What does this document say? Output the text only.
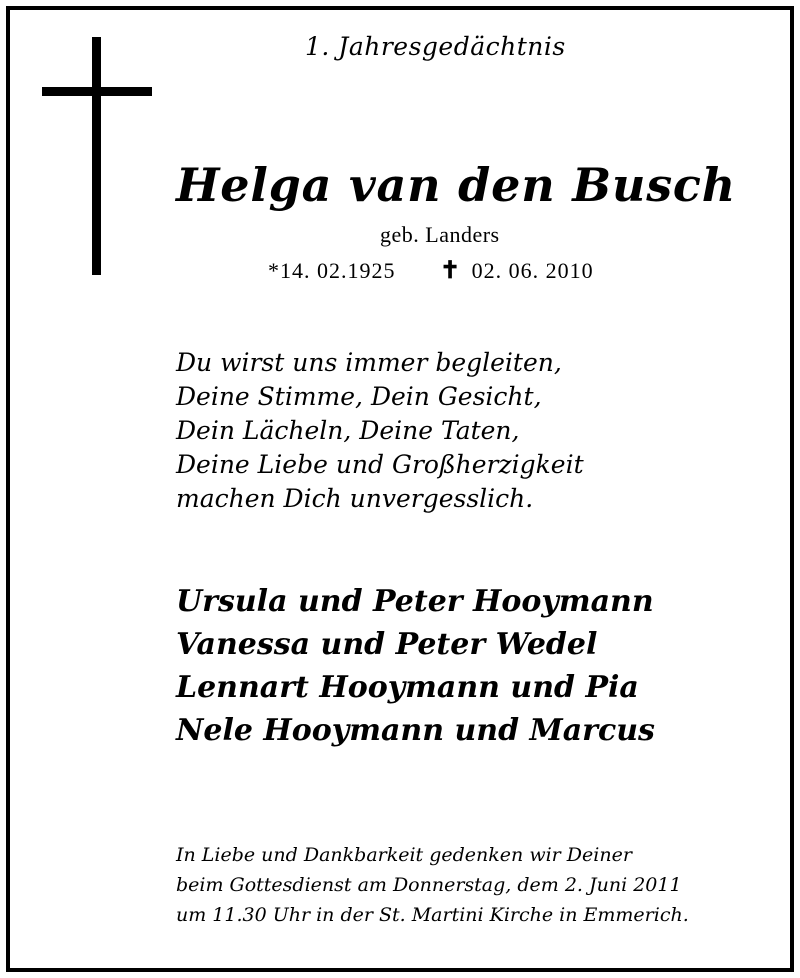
1. Jahresgedächtnis
Helga van den Busch
geb. Landers
*14. 02.1925 ✝ 02. 06. 2010
Du wirst uns immer begleiten,
Deine Stimme, Dein Gesicht,
Dein Lächeln, Deine Taten,
Deine Liebe und Großherzigkeit
machen Dich unvergesslich.
Ursula und Peter Hooymann
Vanessa und Peter Wedel
Lennart Hooymann und Pia
Nele Hooymann und Marcus
In Liebe und Dankbarkeit gedenken wir Deiner
beim Gottesdienst am Donnerstag, dem 2. Juni 2011
um 11.30 Uhr in der St. Martini Kirche in Emmerich.
